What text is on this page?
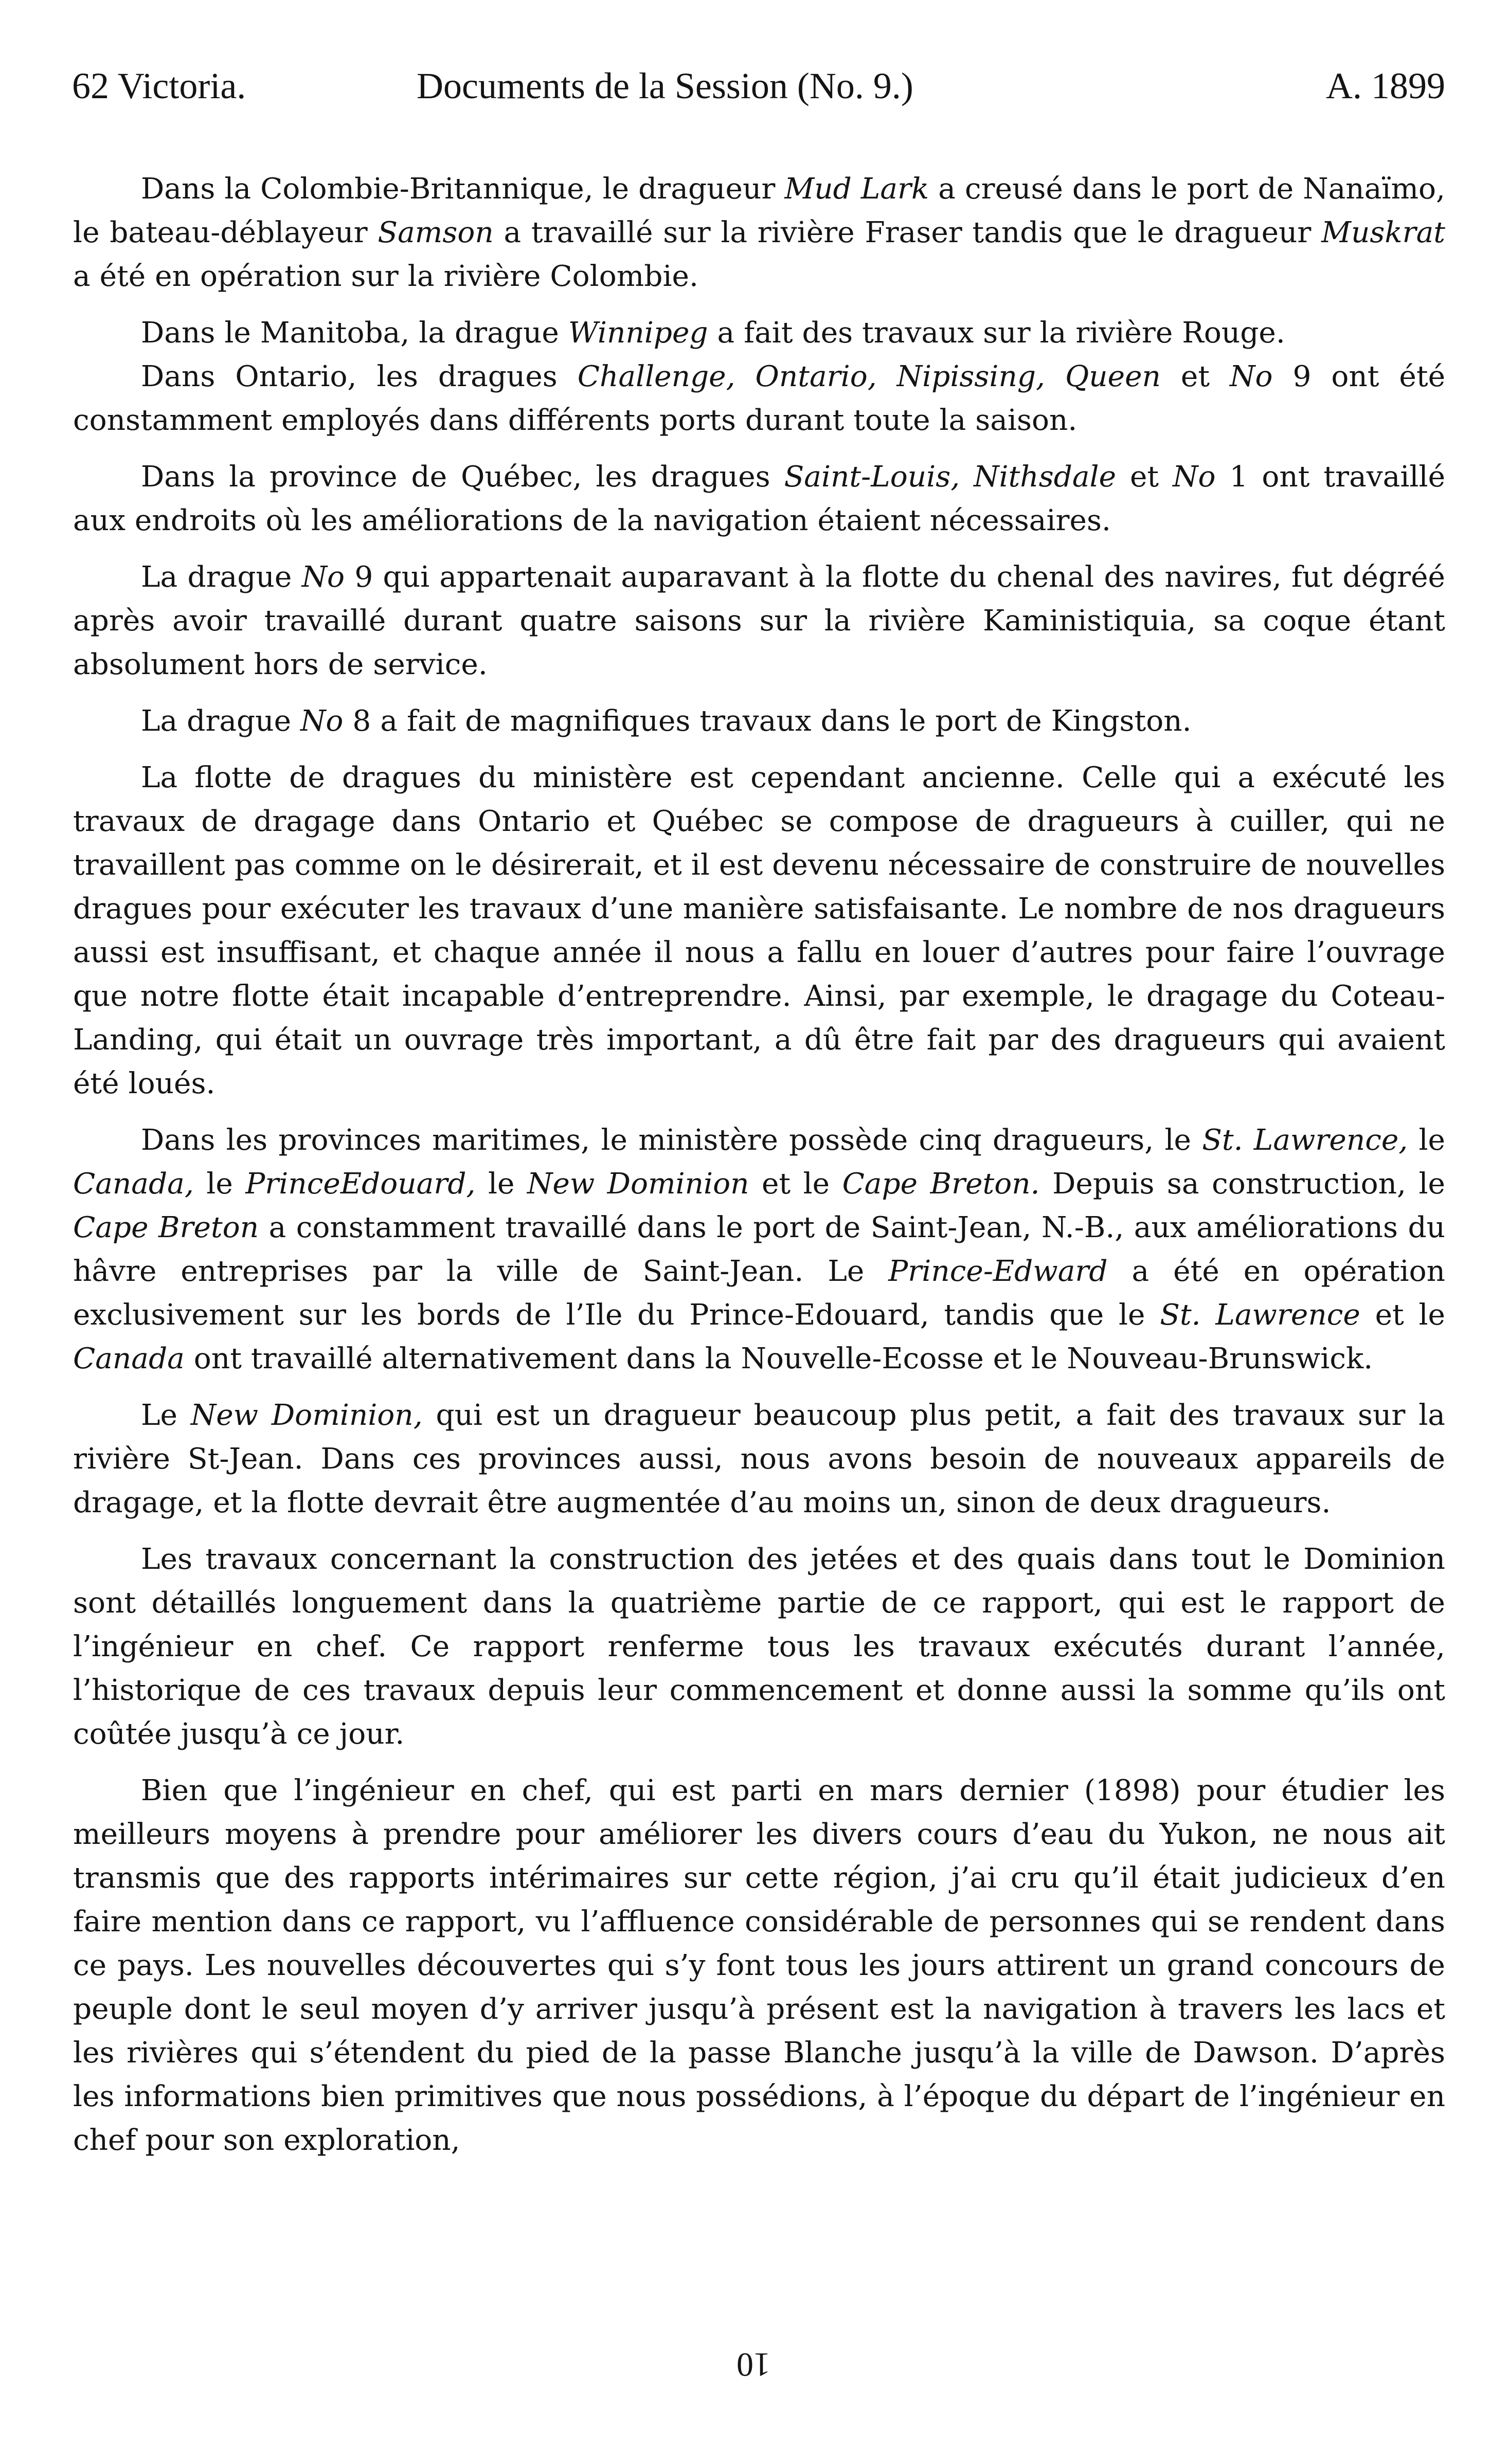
62 Victoria.	Documents de la Session (No. 9.)	A. 1899

Dans la Colombie-Britannique, le dragueur Mud Lark a creusé dans le port de Nanaïmo, le bateau-déblayeur Samson a travaillé sur la rivière Fraser tandis que le dragueur Muskrat a été en opération sur la rivière Colombie.

Dans le Manitoba, la drague Winnipeg a fait des travaux sur la rivière Rouge.

Dans Ontario, les dragues Challenge, Ontario, Nipissing, Queen et No 9 ont été constamment employés dans différents ports durant toute la saison.

Dans la province de Québec, les dragues Saint-Louis, Nithsdale et No 1 ont travaillé aux endroits où les améliorations de la navigation étaient nécessaires.

La drague No 9 qui appartenait auparavant à la flotte du chenal des navires, fut dégréé après avoir travaillé durant quatre saisons sur la rivière Kaministiquia, sa coque étant absolument hors de service.

La drague No 8 a fait de magnifiques travaux dans le port de Kingston.

La flotte de dragues du ministère est cependant ancienne. Celle qui a exécuté les travaux de dragage dans Ontario et Québec se compose de dragueurs à cuiller, qui ne travaillent pas comme on le désirerait, et il est devenu nécessaire de construire de nouvelles dragues pour exécuter les travaux d’une manière satisfaisante. Le nombre de nos dragueurs aussi est insuffisant, et chaque année il nous a fallu en louer d’autres pour faire l’ouvrage que notre flotte était incapable d’entreprendre. Ainsi, par exemple, le dragage du Coteau-Landing, qui était un ouvrage très important, a dû être fait par des dragueurs qui avaient été loués.

Dans les provinces maritimes, le ministère possède cinq dragueurs, le St. Lawrence, le Canada, le PrinceEdouard, le New Dominion et le Cape Breton. Depuis sa construction, le Cape Breton a constamment travaillé dans le port de Saint-Jean, N.-B., aux améliorations du hâvre entreprises par la ville de Saint-Jean. Le Prince-Edward a été en opération exclusivement sur les bords de l’Ile du Prince-Edouard, tandis que le St. Lawrence et le Canada ont travaillé alternativement dans la Nouvelle-Ecosse et le Nouveau-Brunswick.

Le New Dominion, qui est un dragueur beaucoup plus petit, a fait des travaux sur la rivière St-Jean. Dans ces provinces aussi, nous avons besoin de nouveaux appareils de dragage, et la flotte devrait être augmentée d’au moins un, sinon de deux dragueurs.

Les travaux concernant la construction des jetées et des quais dans tout le Dominion sont détaillés longuement dans la quatrième partie de ce rapport, qui est le rapport de l’ingénieur en chef. Ce rapport renferme tous les travaux exécutés durant l’année, l’historique de ces travaux depuis leur commencement et donne aussi la somme qu’ils ont coûtée jusqu’à ce jour.

Bien que l’ingénieur en chef, qui est parti en mars dernier (1898) pour étudier les meilleurs moyens à prendre pour améliorer les divers cours d’eau du Yukon, ne nous ait transmis que des rapports intérimaires sur cette région, j’ai cru qu’il était judicieux d’en faire mention dans ce rapport, vu l’affluence considérable de personnes qui se rendent dans ce pays. Les nouvelles découvertes qui s’y font tous les jours attirent un grand concours de peuple dont le seul moyen d’y arriver jusqu’à présent est la navigation à travers les lacs et les rivières qui s’étendent du pied de la passe Blanche jusqu’à la ville de Dawson. D’après les informations bien primitives que nous possédions, à l’époque du départ de l’ingénieur en chef pour son exploration,

10
